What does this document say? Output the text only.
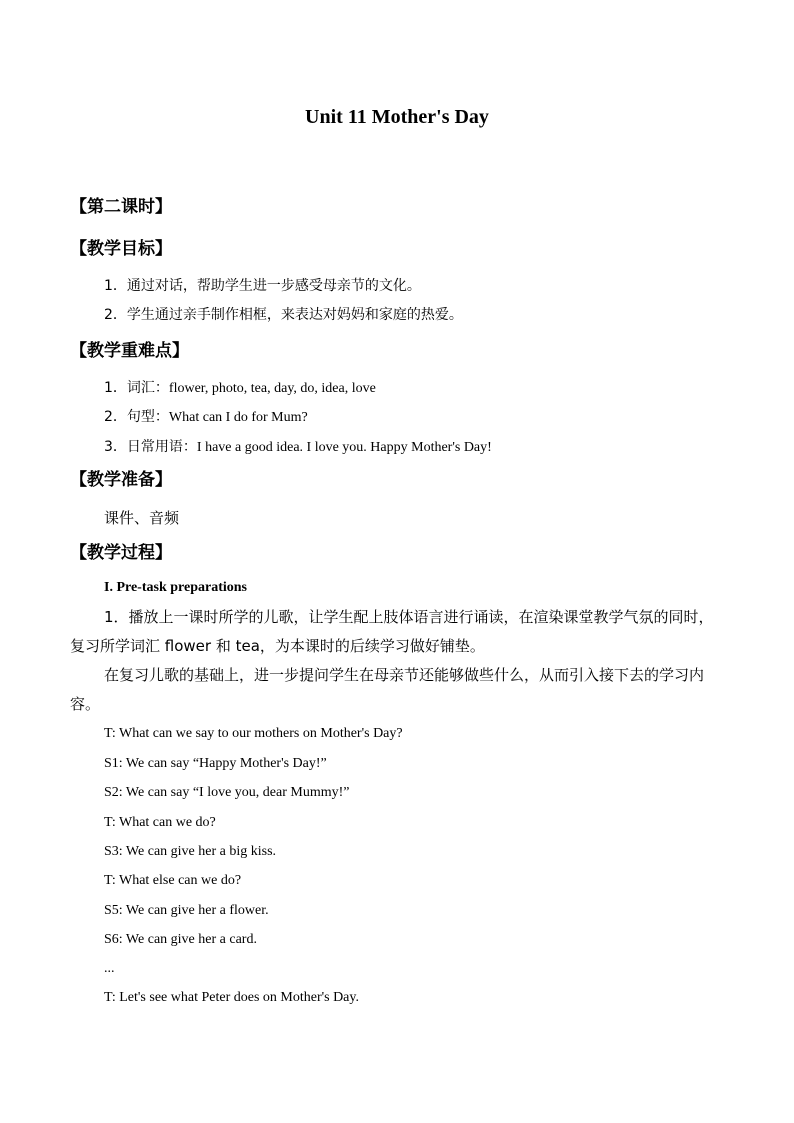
Unit 11 Mother's Day
【第二课时】
【教学目标】
1．通过对话，帮助学生进一步感受母亲节的文化。
2．学生通过亲手制作相框，来表达对妈妈和家庭的热爱。
【教学重难点】
1．词汇：flower, photo, tea, day, do, idea, love
2．句型：What can I do for Mum?
3．日常用语：I have a good idea. I love you. Happy Mother's Day!
【教学准备】
课件、音频
【教学过程】
I. Pre-task preparations
1．播放上一课时所学的儿歌，让学生配上肢体语言进行诵读，在渲染课堂教学气氛的同时，复习所学词汇 flower 和 tea，为本课时的后续学习做好铺垫。
在复习儿歌的基础上，进一步提问学生在母亲节还能够做些什么，从而引入接下去的学习内容。
T: What can we say to our mothers on Mother's Day?
S1: We can say “Happy Mother's Day!”
S2: We can say “I love you, dear Mummy!”
T: What can we do?
S3: We can give her a big kiss.
T: What else can we do?
S5: We can give her a flower.
S6: We can give her a card.
...
T: Let's see what Peter does on Mother's Day.
